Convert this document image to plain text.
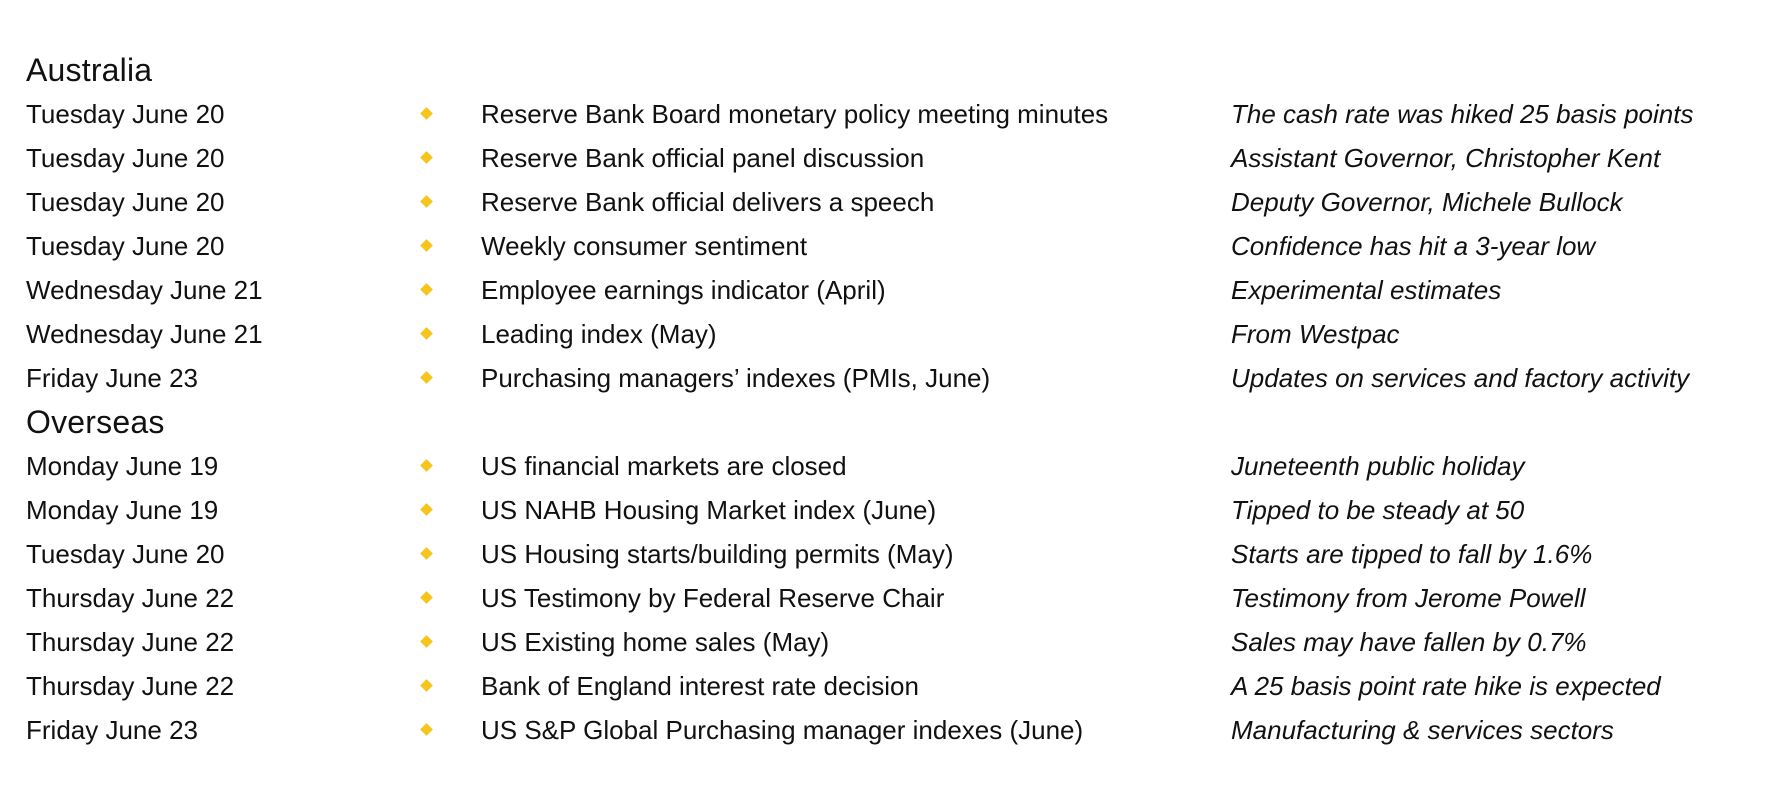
Australia
Tuesday June 20	Reserve Bank Board monetary policy meeting minutes	The cash rate was hiked 25 basis points
Tuesday June 20	Reserve Bank official panel discussion	Assistant Governor, Christopher Kent
Tuesday June 20	Reserve Bank official delivers a speech	Deputy Governor, Michele Bullock
Tuesday June 20	Weekly consumer sentiment	Confidence has hit a 3-year low
Wednesday June 21	Employee earnings indicator (April)	Experimental estimates
Wednesday June 21	Leading index (May)	From Westpac
Friday June 23	Purchasing managers’ indexes (PMIs, June)	Updates on services and factory activity
Overseas
Monday June 19	US financial markets are closed	Juneteenth public holiday
Monday June 19	US NAHB Housing Market index (June)	Tipped to be steady at 50
Tuesday June 20	US Housing starts/building permits (May)	Starts are tipped to fall by 1.6%
Thursday June 22	US Testimony by Federal Reserve Chair	Testimony from Jerome Powell
Thursday June 22	US Existing home sales (May)	Sales may have fallen by 0.7%
Thursday June 22	Bank of England interest rate decision	A 25 basis point rate hike is expected
Friday June 23	US S&P Global Purchasing manager indexes (June)	Manufacturing & services sectors
